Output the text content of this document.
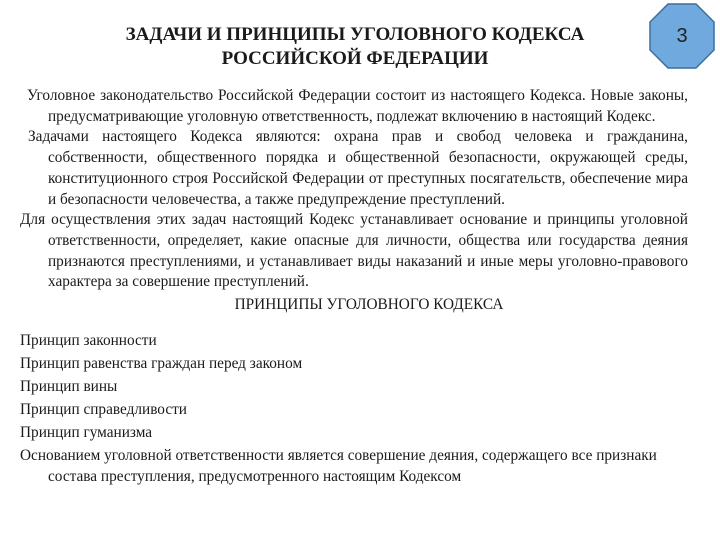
ЗАДАЧИ И ПРИНЦИПЫ УГОЛОВНОГО КОДЕКСА
РОССИЙСКОЙ ФЕДЕРАЦИИ
3

Уголовное законодательство Российской Федерации состоит из настоящего Кодекса. Новые законы, предусматривающие уголовную ответственность, подлежат включению в настоящий Кодекс.

Задачами настоящего Кодекса являются: охрана прав и свобод человека и гражданина, собственности, общественного порядка и общественной безопасности, окружающей среды, конституционного строя Российской Федерации от преступных посягательств, обеспечение мира и безопасности человечества, а также предупреждение преступлений.

Для осуществления этих задач настоящий Кодекс устанавливает основание и принципы уголовной ответственности, определяет, какие опасные для личности, общества или государства деяния признаются преступлениями, и устанавливает виды наказаний и иные меры уголовно-правового характера за совершение преступлений.

ПРИНЦИПЫ УГОЛОВНОГО КОДЕКСА
Принцип законности
Принцип равенства граждан перед законом
Принцип вины
Принцип справедливости
Принцип гуманизма
Основанием уголовной ответственности является совершение деяния, содержащего все признаки состава преступления, предусмотренного настоящим Кодексом
